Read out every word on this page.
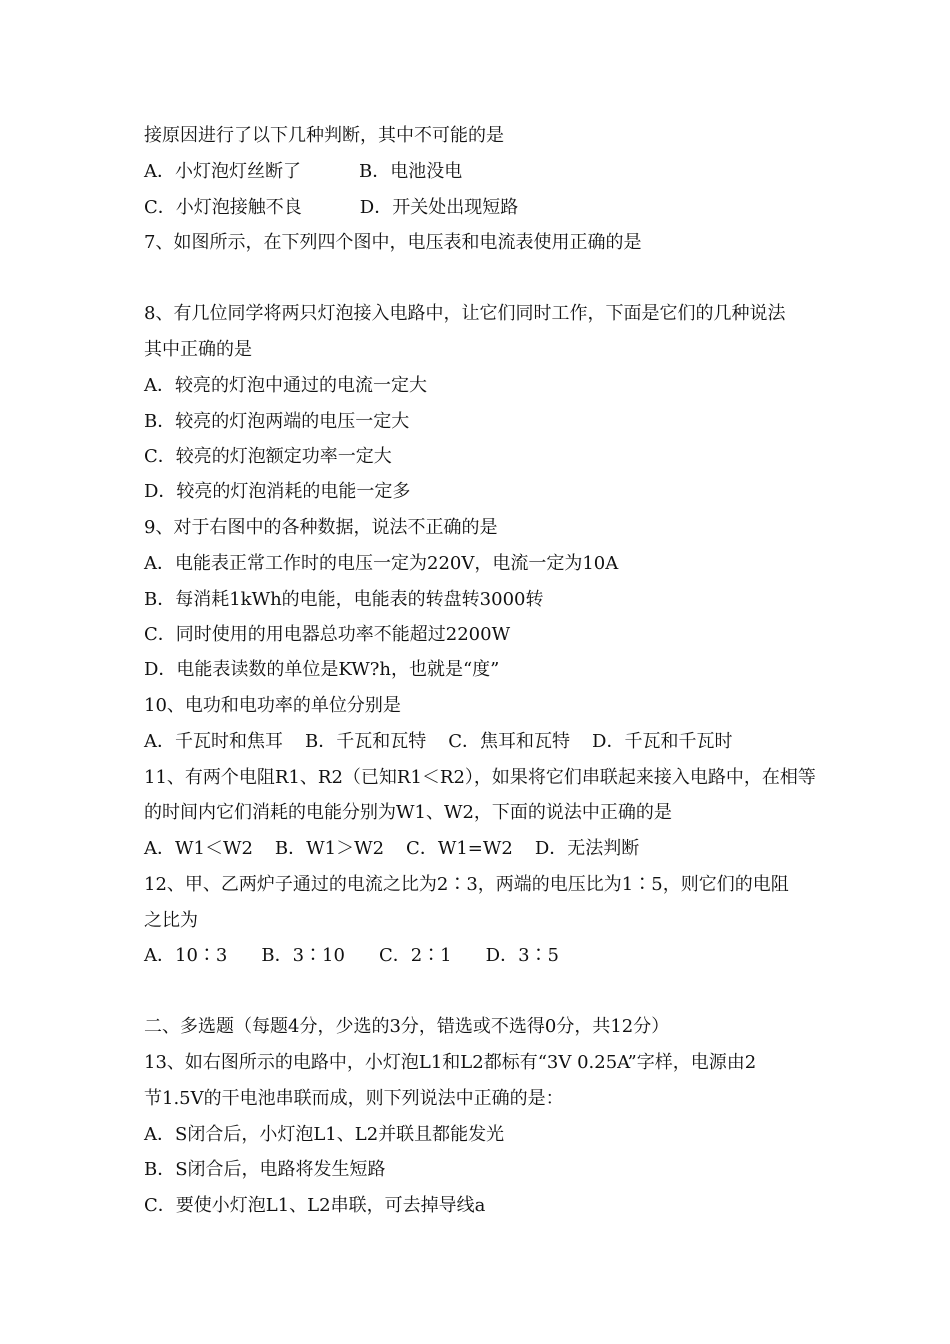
接原因进行了以下几种判断，其中不可能的是
A．小灯泡灯丝断了	B．电池没电
C．小灯泡接触不良	D．开关处出现短路
7、如图所示，在下列四个图中，电压表和电流表使用正确的是
8、有几位同学将两只灯泡接入电路中，让它们同时工作，下面是它们的几种说法
其中正确的是
A．较亮的灯泡中通过的电流一定大
B．较亮的灯泡两端的电压一定大
C．较亮的灯泡额定功率一定大
D．较亮的灯泡消耗的电能一定多
9、对于右图中的各种数据，说法不正确的是
A．电能表正常工作时的电压一定为220V，电流一定为10A
B．每消耗1kWh的电能，电能表的转盘转3000转
C．同时使用的用电器总功率不能超过2200W
D．电能表读数的单位是KW?h，也就是“度”
10、电功和电功率的单位分别是
A．千瓦时和焦耳 B．千瓦和瓦特 C．焦耳和瓦特 D．千瓦和千瓦时
11、有两个电阻R1、R2（已知R1＜R2），如果将它们串联起来接入电路中，在相等
的时间内它们消耗的电能分别为W1、W2，下面的说法中正确的是
A．W1＜W2 B．W1＞W2 C．W1=W2 D．无法判断
12、甲、乙两炉子通过的电流之比为2∶3，两端的电压比为1∶5，则它们的电阻
之比为
A．10∶3 B．3∶10 C．2∶1 D．3∶5
二、多选题（每题4分，少选的3分，错选或不选得0分，共12分）
13、如右图所示的电路中，小灯泡L1和L2都标有“3V 0.25A”字样，电源由2
节1.5V的干电池串联而成，则下列说法中正确的是：
A．S闭合后，小灯泡L1、L2并联且都能发光
B．S闭合后，电路将发生短路
C．要使小灯泡L1、L2串联，可去掉导线a
